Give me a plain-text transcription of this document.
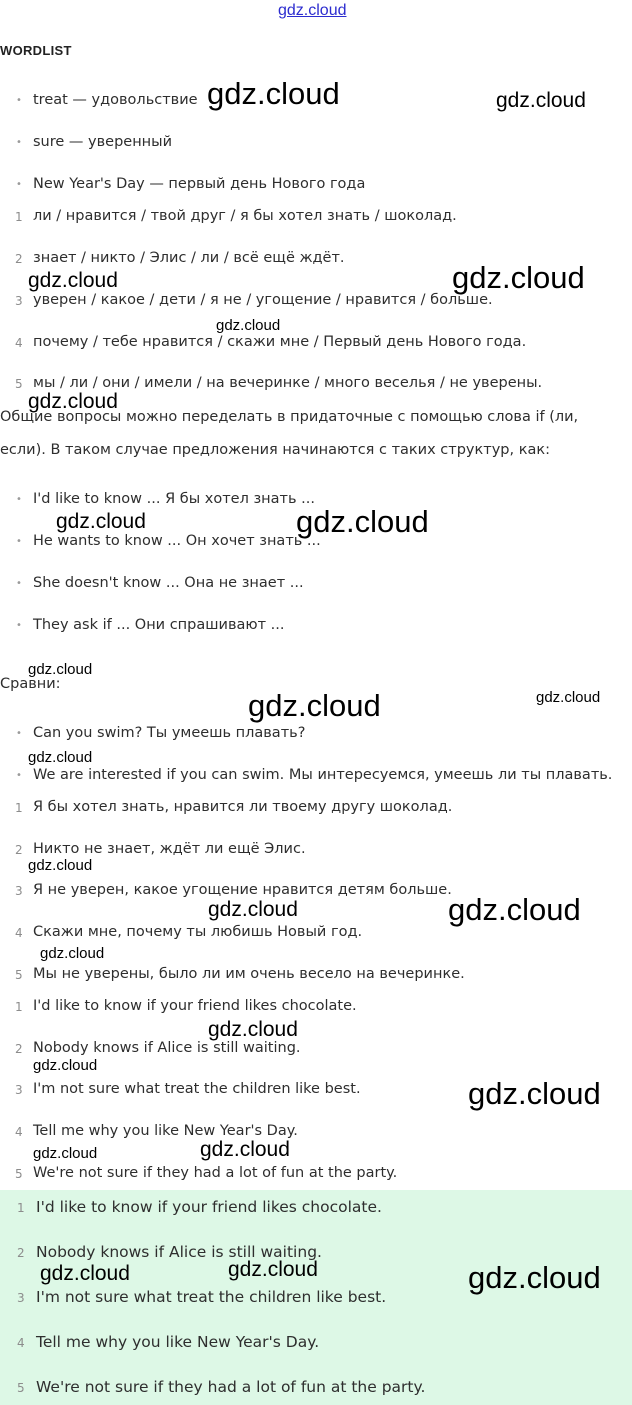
gdz.cloud
WORDLIST
• treat — удовольствие
• sure — уверенный
• New Year's Day — первый день Нового года
1 ли / нравится / твой друг / я бы хотел знать / шоколад.
2 знает / никто / Элис / ли / всё ещё ждёт.
3 уверен / какое / дети / я не / угощение / нравится / больше.
4 почему / тебе нравится / скажи мне / Первый день Нового года.
5 мы / ли / они / имели / на вечеринке / много веселья / не уверены.
Общие вопросы можно переделать в придаточные с помощью слова if (ли,
если). В таком случае предложения начинаются с таких структур, как:
• I'd like to know ... Я бы хотел знать ...
• He wants to know ... Он хочет знать ...
• She doesn't know ... Она не знает ...
• They ask if ... Они спрашивают ...
Сравни:
• Can you swim? Ты умеешь плавать?
• We are interested if you can swim. Мы интересуемся, умеешь ли ты плавать.
1 Я бы хотел знать, нравится ли твоему другу шоколад.
2 Никто не знает, ждёт ли ещё Элис.
3 Я не уверен, какое угощение нравится детям больше.
4 Скажи мне, почему ты любишь Новый год.
5 Мы не уверены, было ли им очень весело на вечеринке.
1 I'd like to know if your friend likes chocolate.
2 Nobody knows if Alice is still waiting.
3 I'm not sure what treat the children like best.
4 Tell me why you like New Year's Day.
5 We're not sure if they had a lot of fun at the party.
1 I'd like to know if your friend likes chocolate.
2 Nobody knows if Alice is still waiting.
3 I'm not sure what treat the children like best.
4 Tell me why you like New Year's Day.
5 We're not sure if they had a lot of fun at the party.
gdz.cloud	gdz.cloud
gdz.cloud	gdz.cloud
gdz.cloud
gdz.cloud
gdz.cloud	gdz.cloud
gdz.cloud
gdz.cloud	gdz.cloud
gdz.cloud
gdz.cloud
gdz.cloud	gdz.cloud
gdz.cloud
gdz.cloud
gdz.cloud
gdz.cloud
gdz.cloud
gdz.cloud
gdz.cloud	gdz.cloud	gdz.cloud
